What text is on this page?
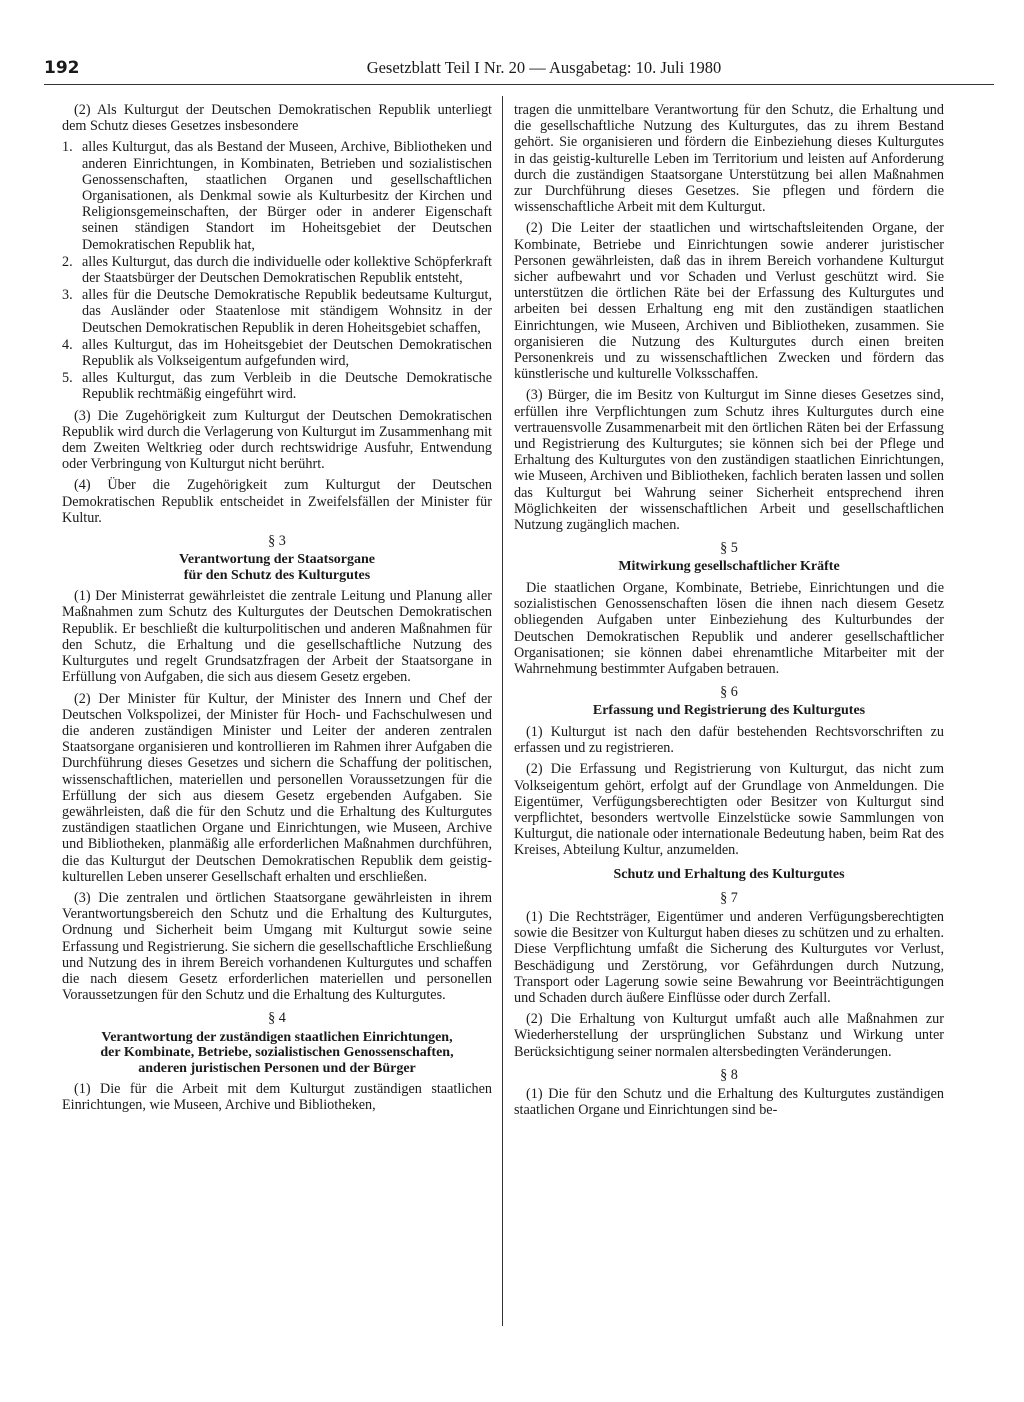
192	Gesetzblatt Teil I Nr. 20 — Ausgabetag: 10. Juli 1980

(2) Als Kulturgut der Deutschen Demokratischen Republik unterliegt dem Schutz dieses Gesetzes insbesondere

1. alles Kulturgut, das als Bestand der Museen, Archive, Bibliotheken und anderen Einrichtungen, in Kombinaten, Betrieben und sozialistischen Genossenschaften, staatlichen Organen und gesellschaftlichen Organisationen, als Denkmal sowie als Kulturbesitz der Kirchen und Religionsgemeinschaften, der Bürger oder in anderer Eigenschaft seinen ständigen Standort im Hoheitsgebiet der Deutschen Demokratischen Republik hat,
2. alles Kulturgut, das durch die individuelle oder kollektive Schöpferkraft der Staatsbürger der Deutschen Demokratischen Republik entsteht,
3. alles für die Deutsche Demokratische Republik bedeutsame Kulturgut, das Ausländer oder Staatenlose mit ständigem Wohnsitz in der Deutschen Demokratischen Republik in deren Hoheitsgebiet schaffen,
4. alles Kulturgut, das im Hoheitsgebiet der Deutschen Demokratischen Republik als Volkseigentum aufgefunden wird,
5. alles Kulturgut, das zum Verbleib in die Deutsche Demokratische Republik rechtmäßig eingeführt wird.

(3) Die Zugehörigkeit zum Kulturgut der Deutschen Demokratischen Republik wird durch die Verlagerung von Kulturgut im Zusammenhang mit dem Zweiten Weltkrieg oder durch rechtswidrige Ausfuhr, Entwendung oder Verbringung von Kulturgut nicht berührt.

(4) Über die Zugehörigkeit zum Kulturgut der Deutschen Demokratischen Republik entscheidet in Zweifelsfällen der Minister für Kultur.

§ 3
Verantwortung der Staatsorgane
für den Schutz des Kulturgutes

(1) Der Ministerrat gewährleistet die zentrale Leitung und Planung aller Maßnahmen zum Schutz des Kulturgutes der Deutschen Demokratischen Republik. Er beschließt die kulturpolitischen und anderen Maßnahmen für den Schutz, die Erhaltung und die gesellschaftliche Nutzung des Kulturgutes und regelt Grundsatzfragen der Arbeit der Staatsorgane in Erfüllung von Aufgaben, die sich aus diesem Gesetz ergeben.

(2) Der Minister für Kultur, der Minister des Innern und Chef der Deutschen Volkspolizei, der Minister für Hoch- und Fachschulwesen und die anderen zuständigen Minister und Leiter der anderen zentralen Staatsorgane organisieren und kontrollieren im Rahmen ihrer Aufgaben die Durchführung dieses Gesetzes und sichern die Schaffung der politischen, wissenschaftlichen, materiellen und personellen Voraussetzungen für die Erfüllung der sich aus diesem Gesetz ergebenden Aufgaben. Sie gewährleisten, daß die für den Schutz und die Erhaltung des Kulturgutes zuständigen staatlichen Organe und Einrichtungen, wie Museen, Archive und Bibliotheken, planmäßig alle erforderlichen Maßnahmen durchführen, die das Kulturgut der Deutschen Demokratischen Republik dem geistig-kulturellen Leben unserer Gesellschaft erhalten und erschließen.

(3) Die zentralen und örtlichen Staatsorgane gewährleisten in ihrem Verantwortungsbereich den Schutz und die Erhaltung des Kulturgutes, Ordnung und Sicherheit beim Umgang mit Kulturgut sowie seine Erfassung und Registrierung. Sie sichern die gesellschaftliche Erschließung und Nutzung des in ihrem Bereich vorhandenen Kulturgutes und schaffen die nach diesem Gesetz erforderlichen materiellen und personellen Voraussetzungen für den Schutz und die Erhaltung des Kulturgutes.

§ 4
Verantwortung der zuständigen staatlichen Einrichtungen,
der Kombinate, Betriebe, sozialistischen Genossenschaften,
anderen juristischen Personen und der Bürger

(1) Die für die Arbeit mit dem Kulturgut zuständigen staatlichen Einrichtungen, wie Museen, Archive und Bibliotheken,

tragen die unmittelbare Verantwortung für den Schutz, die Erhaltung und die gesellschaftliche Nutzung des Kulturgutes, das zu ihrem Bestand gehört. Sie organisieren und fördern die Einbeziehung dieses Kulturgutes in das geistig-kulturelle Leben im Territorium und leisten auf Anforderung durch die zuständigen Staatsorgane Unterstützung bei allen Maßnahmen zur Durchführung dieses Gesetzes. Sie pflegen und fördern die wissenschaftliche Arbeit mit dem Kulturgut.

(2) Die Leiter der staatlichen und wirtschaftsleitenden Organe, der Kombinate, Betriebe und Einrichtungen sowie anderer juristischer Personen gewährleisten, daß das in ihrem Bereich vorhandene Kulturgut sicher aufbewahrt und vor Schaden und Verlust geschützt wird. Sie unterstützen die örtlichen Räte bei der Erfassung des Kulturgutes und arbeiten bei dessen Erhaltung eng mit den zuständigen staatlichen Einrichtungen, wie Museen, Archiven und Bibliotheken, zusammen. Sie organisieren die Nutzung des Kulturgutes durch einen breiten Personenkreis und zu wissenschaftlichen Zwecken und fördern das künstlerische und kulturelle Volksschaffen.

(3) Bürger, die im Besitz von Kulturgut im Sinne dieses Gesetzes sind, erfüllen ihre Verpflichtungen zum Schutz ihres Kulturgutes durch eine vertrauensvolle Zusammenarbeit mit den örtlichen Räten bei der Erfassung und Registrierung des Kulturgutes; sie können sich bei der Pflege und Erhaltung des Kulturgutes von den zuständigen staatlichen Einrichtungen, wie Museen, Archiven und Bibliotheken, fachlich beraten lassen und sollen das Kulturgut bei Wahrung seiner Sicherheit entsprechend ihren Möglichkeiten der wissenschaftlichen Arbeit und gesellschaftlichen Nutzung zugänglich machen.

§ 5
Mitwirkung gesellschaftlicher Kräfte

Die staatlichen Organe, Kombinate, Betriebe, Einrichtungen und die sozialistischen Genossenschaften lösen die ihnen nach diesem Gesetz obliegenden Aufgaben unter Einbeziehung des Kulturbundes der Deutschen Demokratischen Republik und anderer gesellschaftlicher Organisationen; sie können dabei ehrenamtliche Mitarbeiter mit der Wahrnehmung bestimmter Aufgaben betrauen.

§ 6
Erfassung und Registrierung des Kulturgutes

(1) Kulturgut ist nach den dafür bestehenden Rechtsvorschriften zu erfassen und zu registrieren.

(2) Die Erfassung und Registrierung von Kulturgut, das nicht zum Volkseigentum gehört, erfolgt auf der Grundlage von Anmeldungen. Die Eigentümer, Verfügungsberechtigten oder Besitzer von Kulturgut sind verpflichtet, besonders wertvolle Einzelstücke sowie Sammlungen von Kulturgut, die nationale oder internationale Bedeutung haben, beim Rat des Kreises, Abteilung Kultur, anzumelden.

Schutz und Erhaltung des Kulturgutes
§ 7

(1) Die Rechtsträger, Eigentümer und anderen Verfügungsberechtigten sowie die Besitzer von Kulturgut haben dieses zu schützen und zu erhalten. Diese Verpflichtung umfaßt die Sicherung des Kulturgutes vor Verlust, Beschädigung und Zerstörung, vor Gefährdungen durch Nutzung, Transport oder Lagerung sowie seine Bewahrung vor Beeinträchtigungen und Schaden durch äußere Einflüsse oder durch Zerfall.

(2) Die Erhaltung von Kulturgut umfaßt auch alle Maßnahmen zur Wiederherstellung der ursprünglichen Substanz und Wirkung unter Berücksichtigung seiner normalen altersbedingten Veränderungen.

§ 8

(1) Die für den Schutz und die Erhaltung des Kulturgutes zuständigen staatlichen Organe und Einrichtungen sind be-
